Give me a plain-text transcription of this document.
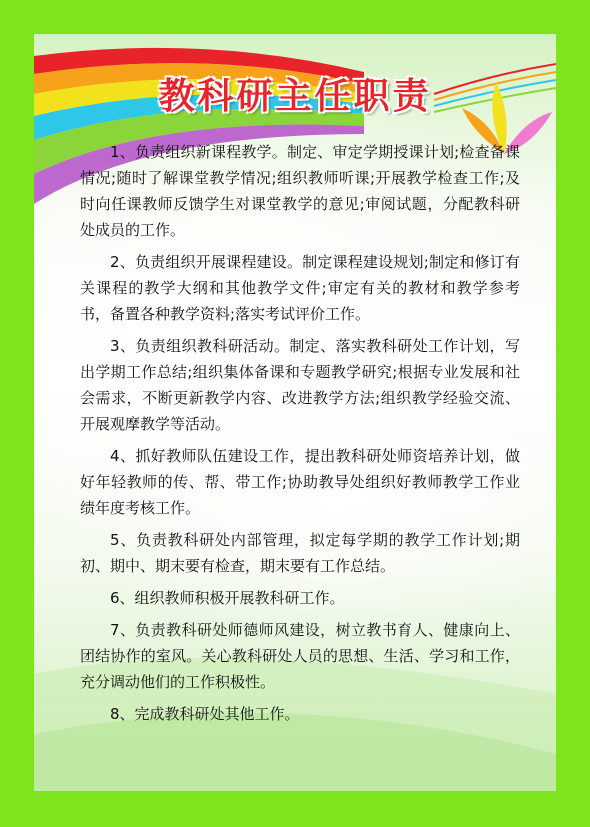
教科研主任职责

1、负责组织新课程教学。制定、审定学期授课计划;检查备课情况;随时了解课堂教学情况;组织教师听课;开展教学检查工作;及时向任课教师反馈学生对课堂教学的意见;审阅试题，分配教科研处成员的工作。

2、负责组织开展课程建设。制定课程建设规划;制定和修订有关课程的教学大纲和其他教学文件;审定有关的教材和教学参考书，备置各种教学资料;落实考试评价工作。

3、负责组织教科研活动。制定、落实教科研处工作计划，写出学期工作总结;组织集体备课和专题教学研究;根据专业发展和社会需求，不断更新教学内容、改进教学方法;组织教学经验交流、开展观摩教学等活动。

4、抓好教师队伍建设工作，提出教科研处师资培养计划，做好年轻教师的传、帮、带工作;协助教导处组织好教师教学工作业绩年度考核工作。

5、负责教科研处内部管理，拟定每学期的教学工作计划;期初、期中、期末要有检查，期末要有工作总结。

6、组织教师积极开展教科研工作。

7、负责教科研处师德师风建设，树立教书育人、健康向上、团结协作的室风。关心教科研处人员的思想、生活、学习和工作，充分调动他们的工作积极性。

8、完成教科研处其他工作。
